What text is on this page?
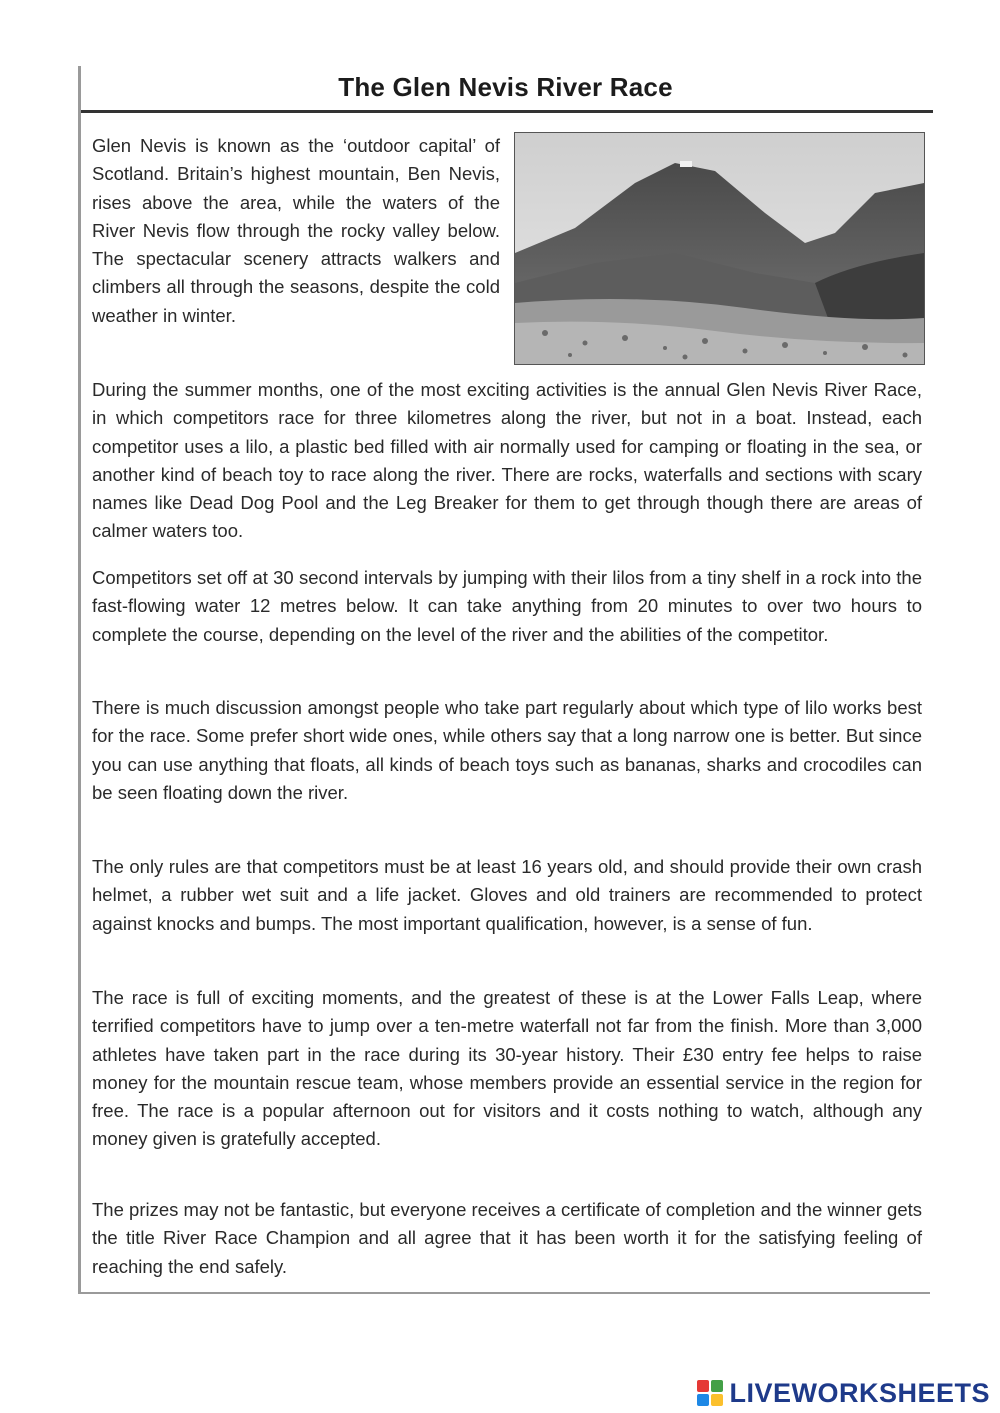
The Glen Nevis River Race

Glen Nevis is known as the ‘outdoor capital’ of Scotland. Britain’s highest mountain, Ben Nevis, rises above the area, while the waters of the River Nevis flow through the rocky valley below. The spectacular scenery attracts walkers and climbers all through the seasons, despite the cold weather in winter.

During the summer months, one of the most exciting activities is the annual Glen Nevis River Race, in which competitors race for three kilometres along the river, but not in a boat. Instead, each competitor uses a lilo, a plastic bed filled with air normally used for camping or floating in the sea, or another kind of beach toy to race along the river. There are rocks, waterfalls and sections with scary names like Dead Dog Pool and the Leg Breaker for them to get through though there are areas of calmer waters too.

Competitors set off at 30 second intervals by jumping with their lilos from a tiny shelf in a rock into the fast-flowing water 12 metres below. It can take anything from 20 minutes to over two hours to complete the course, depending on the level of the river and the abilities of the competitor.

There is much discussion amongst people who take part regularly about which type of lilo works best for the race. Some prefer short wide ones, while others say that a long narrow one is better. But since you can use anything that floats, all kinds of beach toys such as bananas, sharks and crocodiles can be seen floating down the river.

The only rules are that competitors must be at least 16 years old, and should provide their own crash helmet, a rubber wet suit and a life jacket. Gloves and old trainers are recommended to protect against knocks and bumps. The most important qualification, however, is a sense of fun.

The race is full of exciting moments, and the greatest of these is at the Lower Falls Leap, where terrified competitors have to jump over a ten-metre waterfall not far from the finish. More than 3,000 athletes have taken part in the race during its 30-year history. Their £30 entry fee helps to raise money for the mountain rescue team, whose members provide an essential service in the region for free. The race is a popular afternoon out for visitors and it costs nothing to watch, although any money given is gratefully accepted.

The prizes may not be fantastic, but everyone receives a certificate of completion and the winner gets the title River Race Champion and all agree that it has been worth it for the satisfying feeling of reaching the end safely.

LIVEWORKSHEETS
